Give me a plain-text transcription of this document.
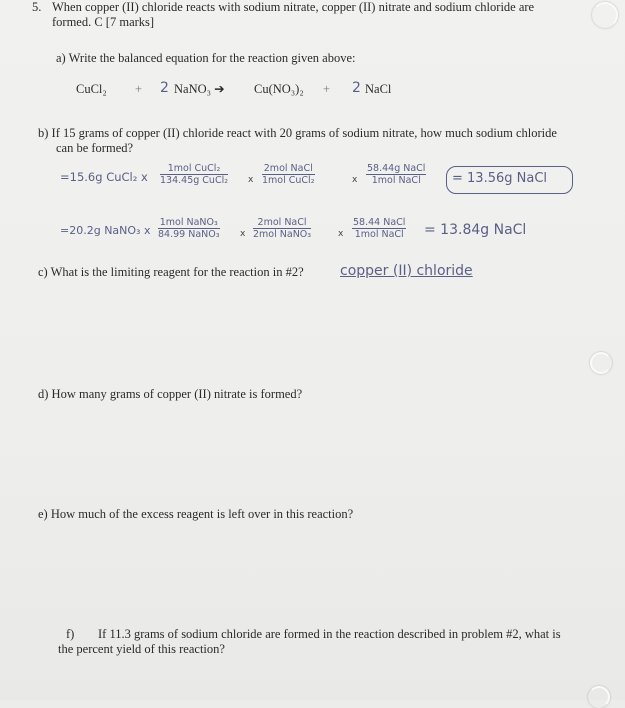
5. When copper (II) chloride reacts with sodium nitrate, copper (II) nitrate and sodium chloride are
formed. C [7 marks]
a) Write the balanced equation for the reaction given above:
CuCl₂ + 2 NaNO₃ ➔ Cu(NO₃)₂ + 2 NaCl
b) If 15 grams of copper (II) chloride react with 20 grams of sodium nitrate, how much sodium chloride
can be formed?
=15.6g CuCl₂ x
1mol CuCl₂
134.45g CuCl₂ x
2mol NaCl
1mol CuCl₂	x
58.44g NaCl
1mol NaCl	= 13.56g NaCl
=20.2g NaNO₃ x
1mol NaNO₃
84.99 NaNO₃ x
2mol NaCl
2mol NaNO₃	x
58.44 NaCl
1mol NaCl = 13.84g NaCl
c) What is the limiting reagent for the reaction in #2?	copper (II) chloride
d) How many grams of copper (II) nitrate is formed?
e) How much of the excess reagent is left over in this reaction?
f) If 11.3 grams of sodium chloride are formed in the reaction described in problem #2, what is
the percent yield of this reaction?
